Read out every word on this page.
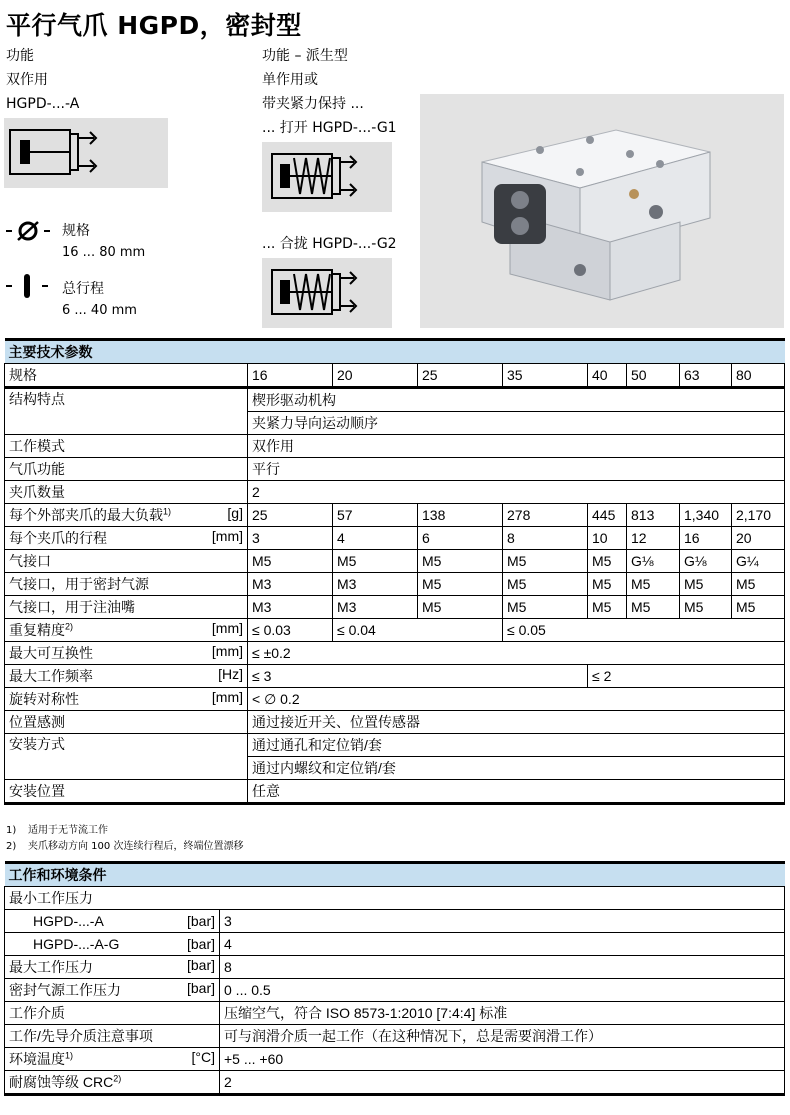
平行气爪 HGPD，密封型
功能
双作用
HGPD-...-A
规格
16 ... 80 mm
总行程
6 ... 40 mm
功能 – 派生型
单作用或
带夹紧力保持 ...
... 打开 HGPD-...-G1
... 合拢 HGPD-...-G2
主要技术参数								
规格	16	20	25	35	40	50	63	80
结构特点	楔形驱动机构							
	夹紧力导向运动顺序							
工作模式	双作用							
气爪功能	平行							
夹爪数量	2							
每个外部夹爪的最大负载$^{1)}$ [g]	25	57	138	278	445	813	1,340	2,170
每个夹爪的行程 [mm]	3	4	6	8	10	12	16	20
气接口	M5	M5	M5	M5	M5	G⅛	G⅛	G¼
气接口，用于密封气源	M3	M3	M5	M5	M5	M5	M5	M5
气接口，用于注油嘴	M3	M3	M5	M5	M5	M5	M5	M5
重复精度$^{2)}$ [mm]	≤ 0.03	≤ 0.04		≤ 0.05				
最大可互换性 [mm]	≤ ±0.2							
最大工作频率 [Hz]	≤ 3				≤ 2			
旋转对称性 [mm]	< ∅ 0.2							
位置感测	通过接近开关、位置传感器							
安装方式	通过通孔和定位销/套							
	通过内螺纹和定位销/套							
安装位置	任意							
1) 适用于无节流工作
2) 夹爪移动方向 100 次连续行程后，终端位置漂移
工作和环境条件	
最小工作压力	
HGPD-...-A [bar]	3
HGPD-...-A-G [bar]	4
最大工作压力 [bar]	8
密封气源工作压力 [bar]	0 ... 0.5
工作介质	压缩空气，符合 ISO 8573-1:2010 [7:4:4] 标准
工作/先导介质注意事项	可与润滑介质一起工作（在这种情况下，总是需要润滑工作）
环境温度$^{1)}$ [°C]	+5 ... +60
耐腐蚀等级 CRC$^{2)}$	2
